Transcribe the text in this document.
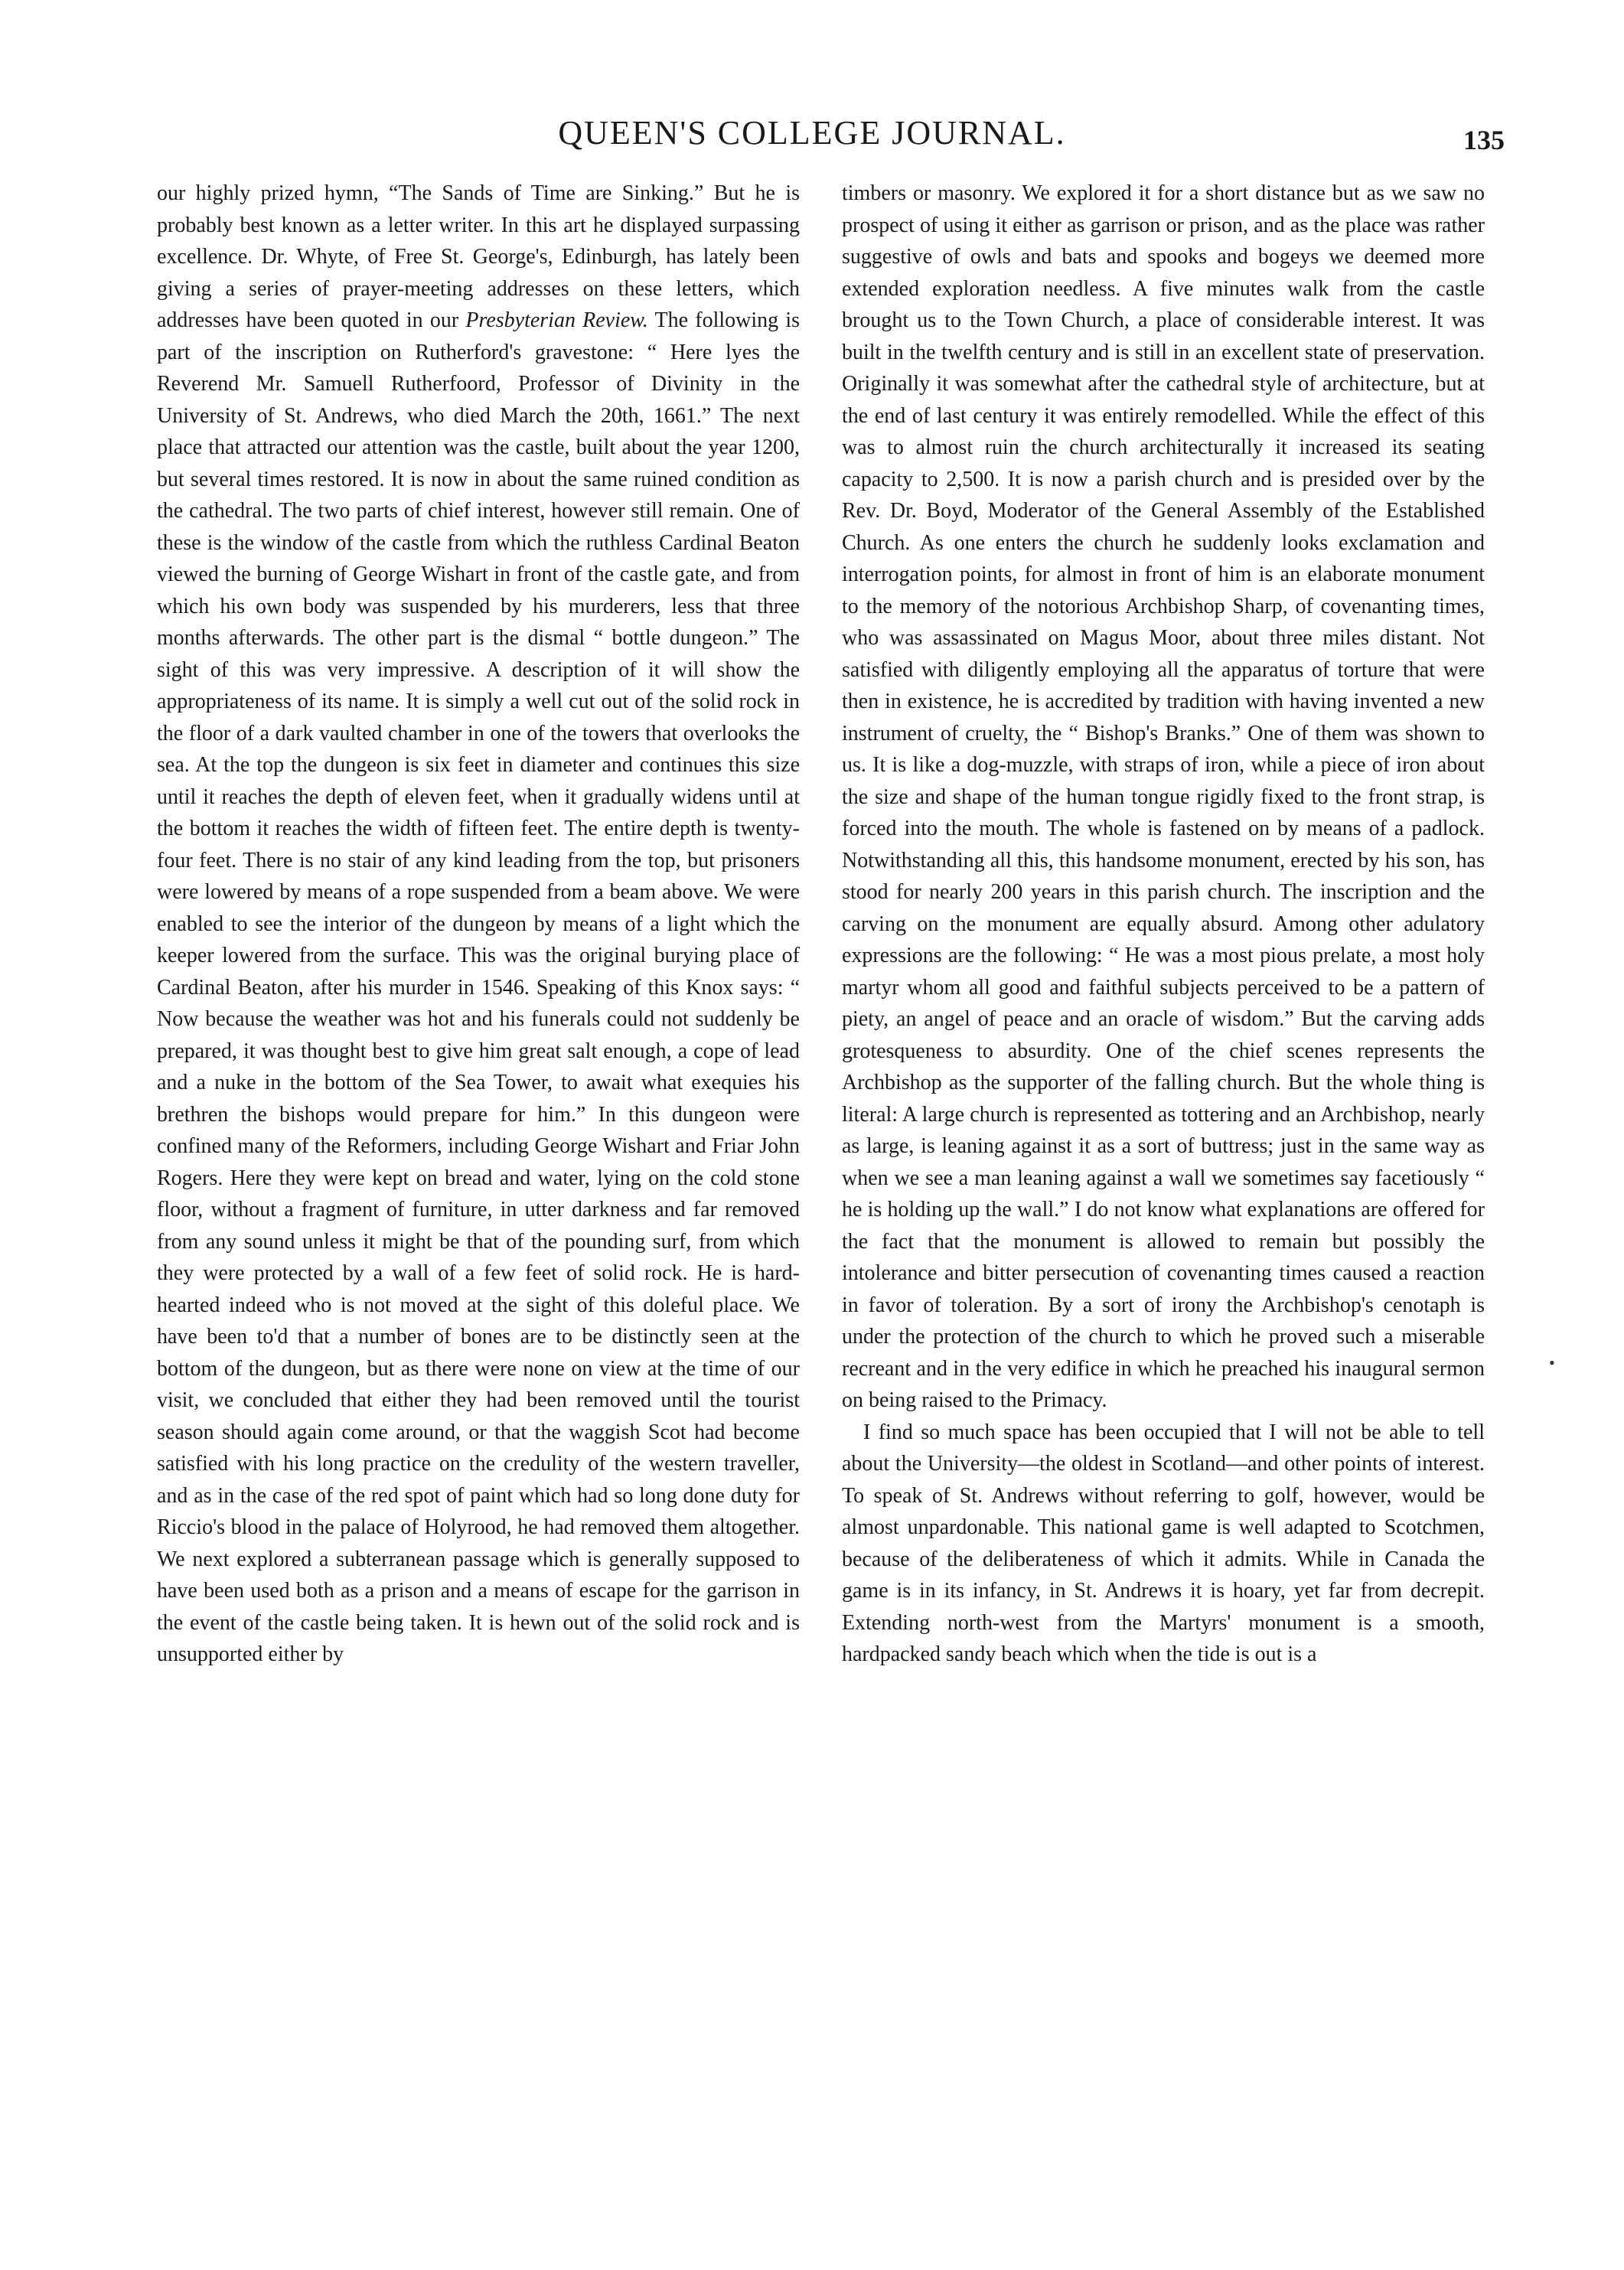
QUEEN'S COLLEGE JOURNAL.	135

our highly prized hymn, “The Sands of Time are Sinking.” But he is probably best known as a letter writer. In this art he displayed surpassing excellence. Dr. Whyte, of Free St. George's, Edinburgh, has lately been giving a series of prayer-meeting addresses on these letters, which addresses have been quoted in our Presbyterian Review. The following is part of the inscription on Rutherford's gravestone: “ Here lyes the Reverend Mr. Samuell Rutherfoord, Professor of Divinity in the University of St. Andrews, who died March the 20th, 1661.” The next place that attracted our attention was the castle, built about the year 1200, but several times restored. It is now in about the same ruined condition as the cathedral. The two parts of chief interest, however still remain. One of these is the window of the castle from which the ruthless Cardinal Beaton viewed the burning of George Wishart in front of the castle gate, and from which his own body was suspended by his murderers, less that three months afterwards. The other part is the dismal “ bottle dungeon.” The sight of this was very impressive. A description of it will show the appropriateness of its name. It is simply a well cut out of the solid rock in the floor of a dark vaulted chamber in one of the towers that overlooks the sea. At the top the dungeon is six feet in diameter and continues this size until it reaches the depth of eleven feet, when it gradually widens until at the bottom it reaches the width of fifteen feet. The entire depth is twenty-four feet. There is no stair of any kind leading from the top, but prisoners were lowered by means of a rope suspended from a beam above. We were enabled to see the interior of the dungeon by means of a light which the keeper lowered from the surface. This was the original burying place of Cardinal Beaton, after his murder in 1546. Speaking of this Knox says: “ Now because the weather was hot and his funerals could not suddenly be prepared, it was thought best to give him great salt enough, a cope of lead and a nuke in the bottom of the Sea Tower, to await what exequies his brethren the bishops would prepare for him.” In this dungeon were confined many of the Reformers, including George Wishart and Friar John Rogers. Here they were kept on bread and water, lying on the cold stone floor, without a fragment of furniture, in utter darkness and far removed from any sound unless it might be that of the pounding surf, from which they were protected by a wall of a few feet of solid rock. He is hard-hearted indeed who is not moved at the sight of this doleful place. We have been to'd that a number of bones are to be distinctly seen at the bottom of the dungeon, but as there were none on view at the time of our visit, we concluded that either they had been removed until the tourist season should again come around, or that the waggish Scot had become satisfied with his long practice on the credulity of the western traveller, and as in the case of the red spot of paint which had so long done duty for Riccio's blood in the palace of Holyrood, he had removed them altogether. We next explored a subterranean passage which is generally supposed to have been used both as a prison and a means of escape for the garrison in the event of the castle being taken. It is hewn out of the solid rock and is unsupported either by

timbers or masonry. We explored it for a short distance but as we saw no prospect of using it either as garrison or prison, and as the place was rather suggestive of owls and bats and spooks and bogeys we deemed more extended exploration needless. A five minutes walk from the castle brought us to the Town Church, a place of considerable interest. It was built in the twelfth century and is still in an excellent state of preservation. Originally it was somewhat after the cathedral style of architecture, but at the end of last century it was entirely remodelled. While the effect of this was to almost ruin the church architecturally it increased its seating capacity to 2,500. It is now a parish church and is presided over by the Rev. Dr. Boyd, Moderator of the General Assembly of the Established Church. As one enters the church he suddenly looks exclamation and interrogation points, for almost in front of him is an elaborate monument to the memory of the notorious Archbishop Sharp, of covenanting times, who was assassinated on Magus Moor, about three miles distant. Not satisfied with diligently employing all the apparatus of torture that were then in existence, he is accredited by tradition with having invented a new instrument of cruelty, the “ Bishop's Branks.” One of them was shown to us. It is like a dog-muzzle, with straps of iron, while a piece of iron about the size and shape of the human tongue rigidly fixed to the front strap, is forced into the mouth. The whole is fastened on by means of a padlock. Notwithstanding all this, this handsome monument, erected by his son, has stood for nearly 200 years in this parish church. The inscription and the carving on the monument are equally absurd. Among other adulatory expressions are the following: “ He was a most pious prelate, a most holy martyr whom all good and faithful subjects perceived to be a pattern of piety, an angel of peace and an oracle of wisdom.” But the carving adds grotesqueness to absurdity. One of the chief scenes represents the Archbishop as the supporter of the falling church. But the whole thing is literal: A large church is represented as tottering and an Archbishop, nearly as large, is leaning against it as a sort of buttress; just in the same way as when we see a man leaning against a wall we sometimes say facetiously “ he is holding up the wall.” I do not know what explanations are offered for the fact that the monument is allowed to remain but possibly the intolerance and bitter persecution of covenanting times caused a reaction in favor of toleration. By a sort of irony the Archbishop's cenotaph is under the protection of the church to which he proved such a miserable recreant and in the very edifice in which he preached his inaugural sermon on being raised to the Primacy.

I find so much space has been occupied that I will not be able to tell about the University—the oldest in Scotland—and other points of interest. To speak of St. Andrews without referring to golf, however, would be almost unpardonable. This national game is well adapted to Scotchmen, because of the deliberateness of which it admits. While in Canada the game is in its infancy, in St. Andrews it is hoary, yet far from decrepit. Extending north-west from the Martyrs' monument is a smooth, hardpacked sandy beach which when the tide is out is a

•
